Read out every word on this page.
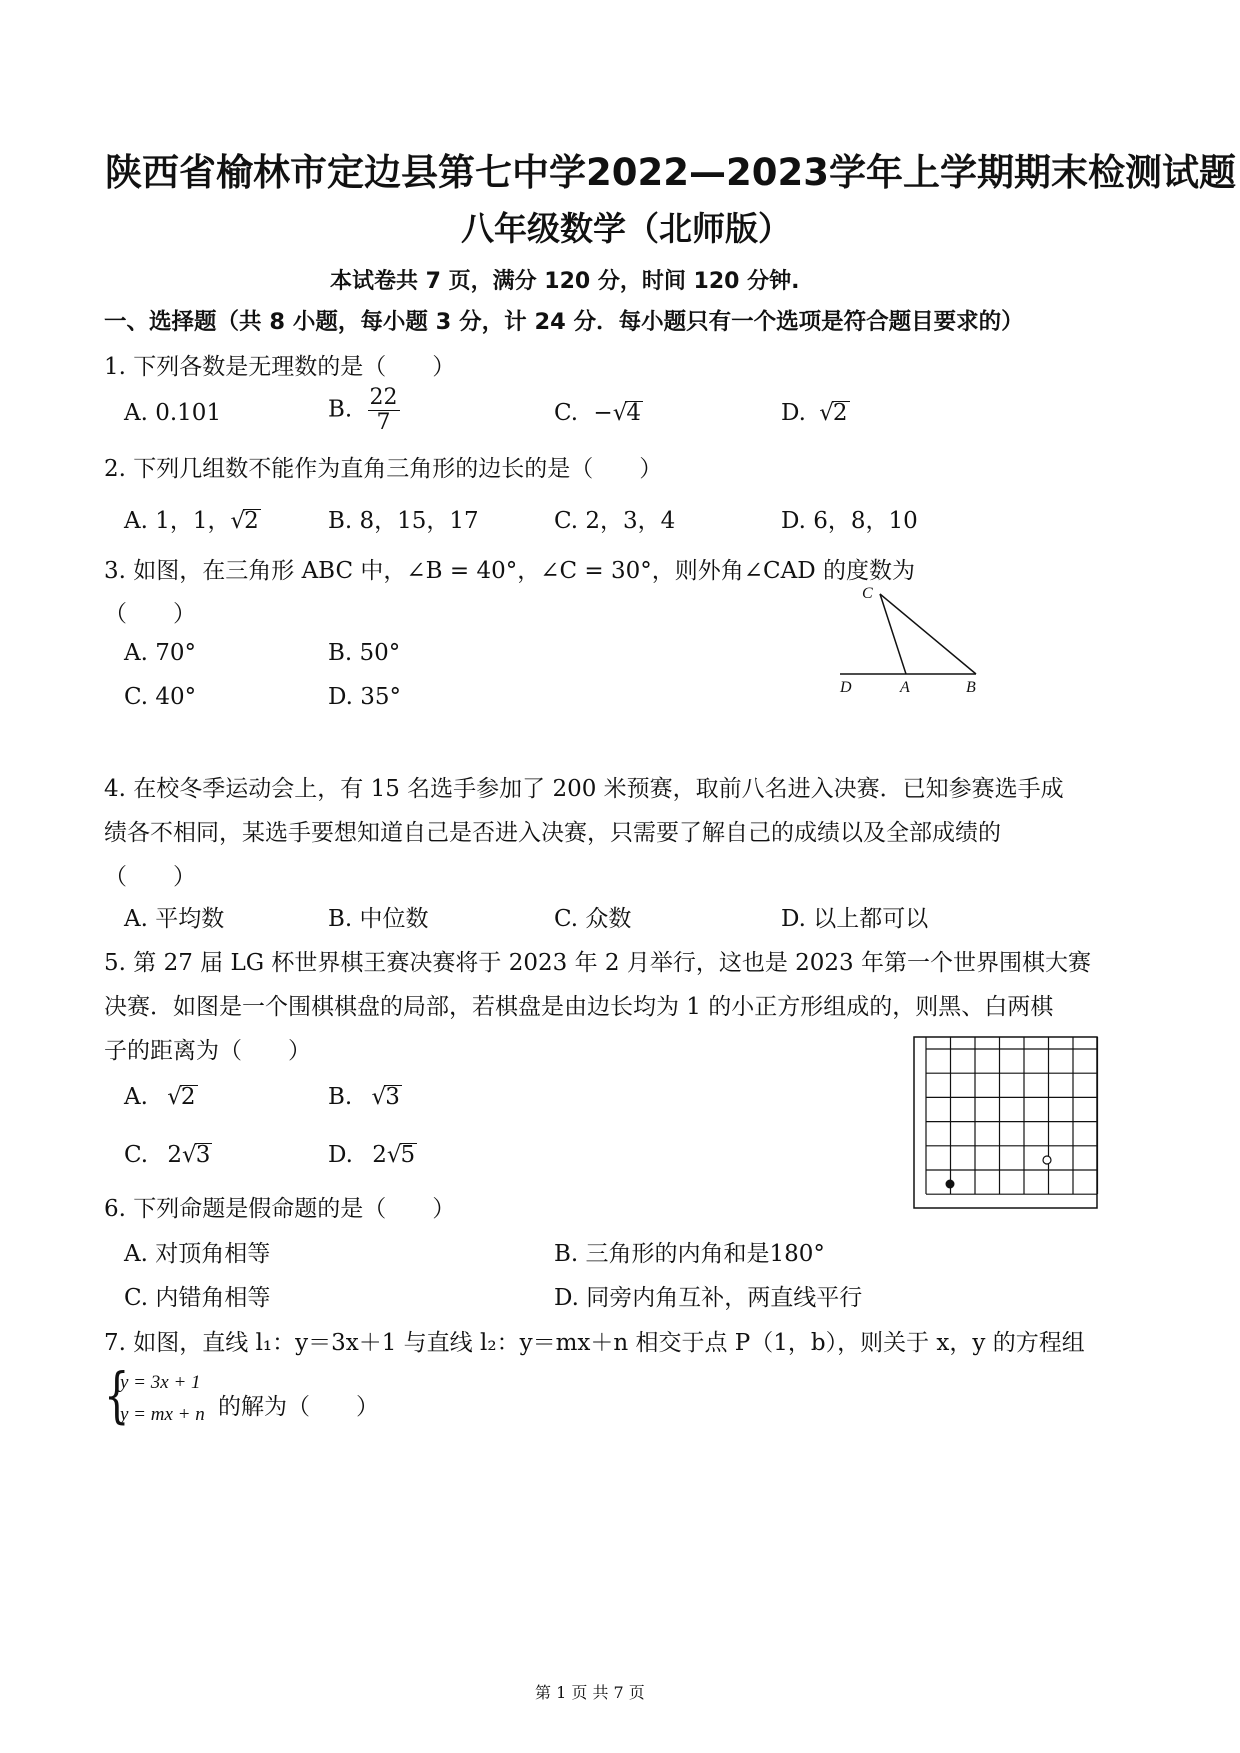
陕西省榆林市定边县第七中学2022—2023学年上学期期末检测试题
八年级数学（北师版）
本试卷共 7 页，满分 120 分，时间 120 分钟.
一、选择题（共 8 小题，每小题 3 分，计 24 分．每小题只有一个选项是符合题目要求的）
1. 下列各数是无理数的是（　　）
A. 0.101	B. $\frac{22}{7}$	C. −√4	D. √2
2. 下列几组数不能作为直角三角形的边长的是（　　）
A. 1，1，√2	B. 8，15，17	C. 2，3，4	D. 6，8，10
3. 如图，在三角形 ABC 中，∠B = 40°，∠C = 30°，则外角∠CAD 的度数为
（　　）
A. 70°	B. 50°
C. 40°	D. 35°
C
D	A	B
4. 在校冬季运动会上，有 15 名选手参加了 200 米预赛，取前八名进入决赛．已知参赛选手成
绩各不相同，某选手要想知道自己是否进入决赛，只需要了解自己的成绩以及全部成绩的
（　　）
A. 平均数	B. 中位数	C. 众数	D. 以上都可以
5. 第 27 届 LG 杯世界棋王赛决赛将于 2023 年 2 月举行，这也是 2023 年第一个世界围棋大赛
决赛．如图是一个围棋棋盘的局部，若棋盘是由边长均为 1 的小正方形组成的，则黑、白两棋
子的距离为（　　）
A. √2	B. √3
C. 2√3	D. 2√5
6. 下列命题是假命题的是（　　）
A. 对顶角相等	B. 三角形的内角和是180°
C. 内错角相等	D. 同旁内角互补，两直线平行
7. 如图，直线 l₁：y＝3x＋1 与直线 l₂：y＝mx＋n 相交于点 P（1，b），则关于 x，y 的方程组
{
y = 3x + 1
y = mx + n 的解为（　　）
第 1 页 共 7 页
